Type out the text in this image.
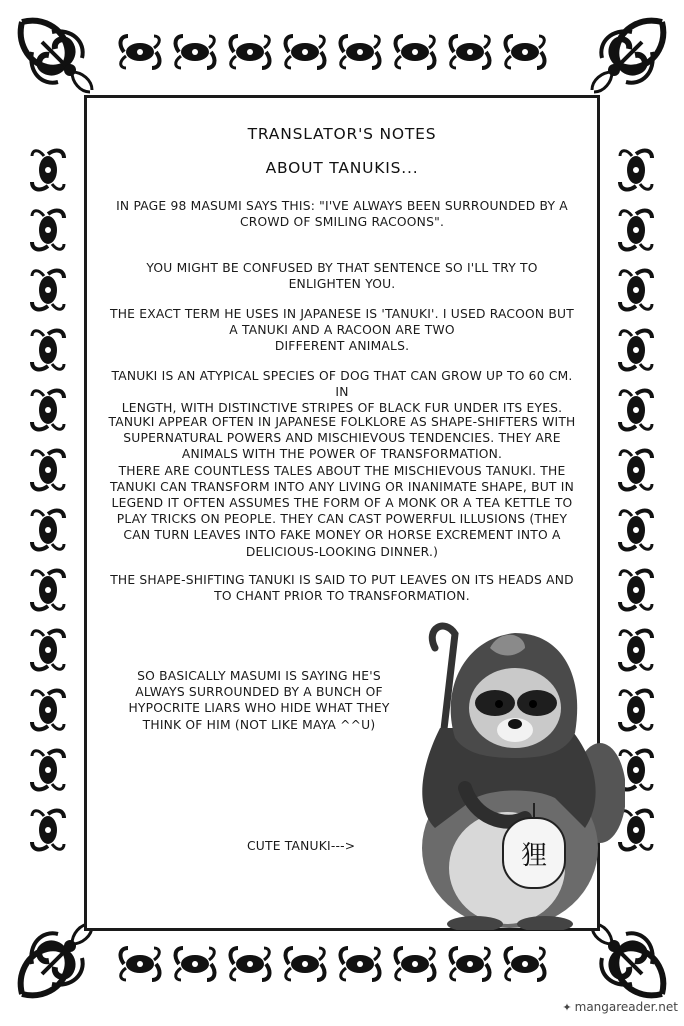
TRANSLATOR'S NOTES
ABOUT TANUKIS...
IN PAGE 98 MASUMI SAYS THIS: "I'VE ALWAYS BEEN SURROUNDED BY A
CROWD OF SMILING RACOONS".
YOU MIGHT BE CONFUSED BY THAT SENTENCE SO I'LL TRY TO
ENLIGHTEN YOU.
THE EXACT TERM HE USES IN JAPANESE IS 'TANUKI'. I USED RACOON BUT
A TANUKI AND A RACOON ARE TWO
DIFFERENT ANIMALS.
TANUKI IS AN ATYPICAL SPECIES OF DOG THAT CAN GROW UP TO 60 CM. IN
LENGTH, WITH DISTINCTIVE STRIPES OF BLACK FUR UNDER ITS EYES.
TANUKI APPEAR OFTEN IN JAPANESE FOLKLORE AS SHAPE-SHIFTERS WITH
SUPERNATURAL POWERS AND MISCHIEVOUS TENDENCIES. THEY ARE
ANIMALS WITH THE POWER OF TRANSFORMATION.
THERE ARE COUNTLESS TALES ABOUT THE MISCHIEVOUS TANUKI. THE
TANUKI CAN TRANSFORM INTO ANY LIVING OR INANIMATE SHAPE, BUT IN
LEGEND IT OFTEN ASSUMES THE FORM OF A MONK OR A TEA KETTLE TO
PLAY TRICKS ON PEOPLE. THEY CAN CAST POWERFUL ILLUSIONS (THEY
CAN TURN LEAVES INTO FAKE MONEY OR HORSE EXCREMENT INTO A
DELICIOUS-LOOKING DINNER.)
THE SHAPE-SHIFTING TANUKI IS SAID TO PUT LEAVES ON ITS HEADS AND
TO CHANT PRIOR TO TRANSFORMATION.
SO BASICALLY MASUMI IS SAYING HE'S
ALWAYS SURROUNDED BY A BUNCH OF
HYPOCRITE LIARS WHO HIDE WHAT THEY
THINK OF HIM (NOT LIKE MAYA ^^U)
CUTE TANUKI--->	狸
✦ mangareader.net
